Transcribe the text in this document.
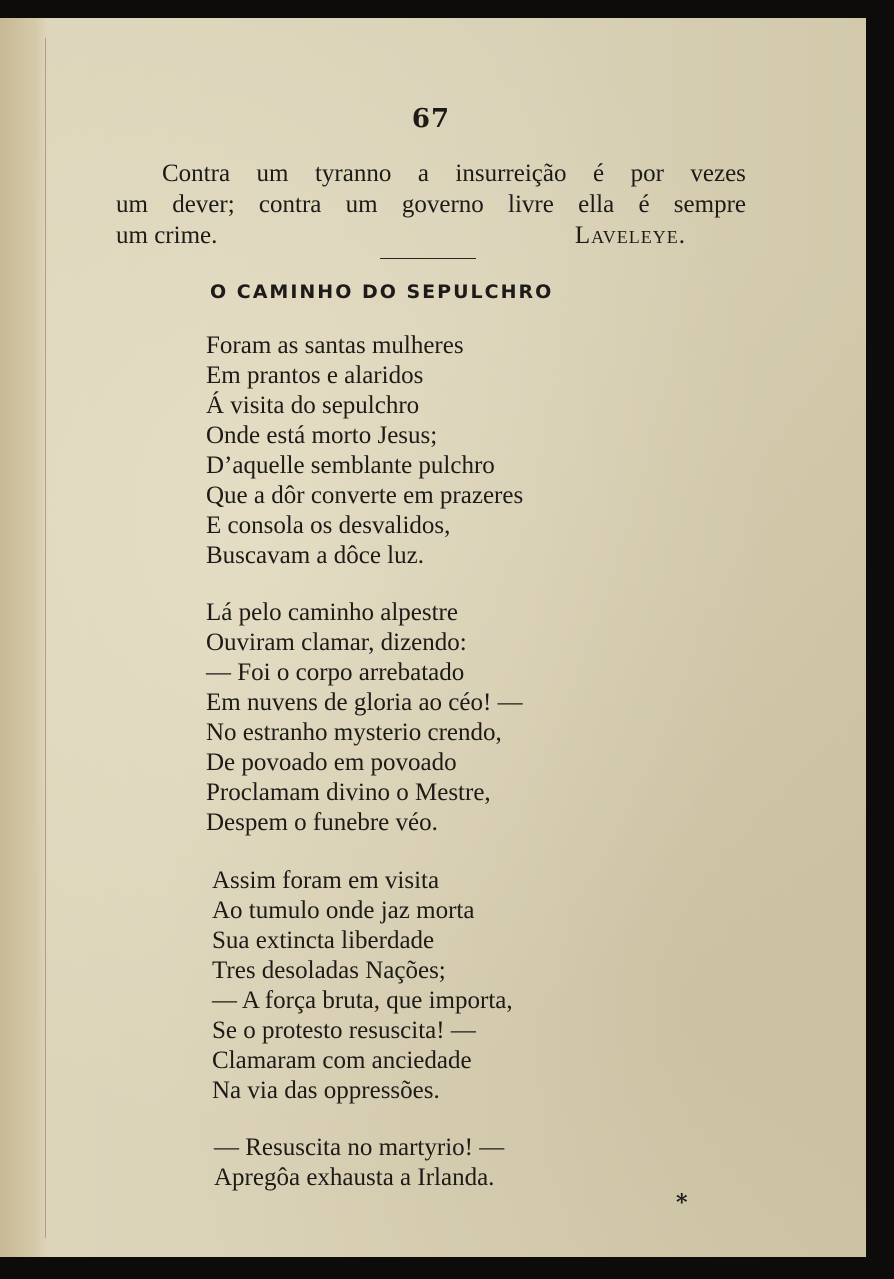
67
Contra um tyranno a insurreição é por vezes
um dever; contra um governo livre ella é sempre
um crime.	Laveleye.
O CAMINHO DO SEPULCHRO
Foram as santas mulheres
Em prantos e alaridos
Á visita do sepulchro
Onde está morto Jesus;
D’aquelle semblante pulchro
Que a dôr converte em prazeres
E consola os desvalidos,
Buscavam a dôce luz.
Lá pelo caminho alpestre
Ouviram clamar, dizendo:
— Foi o corpo arrebatado
Em nuvens de gloria ao céo! —
No estranho mysterio crendo,
De povoado em povoado
Proclamam divino o Mestre,
Despem o funebre véo.
Assim foram em visita
Ao tumulo onde jaz morta
Sua extincta liberdade
Tres desoladas Nações;
— A força bruta, que importa,
Se o protesto resuscita! —
Clamaram com anciedade
Na via das oppressões.
— Resuscita no martyrio! —
Apregôa exhausta a Irlanda.
*
